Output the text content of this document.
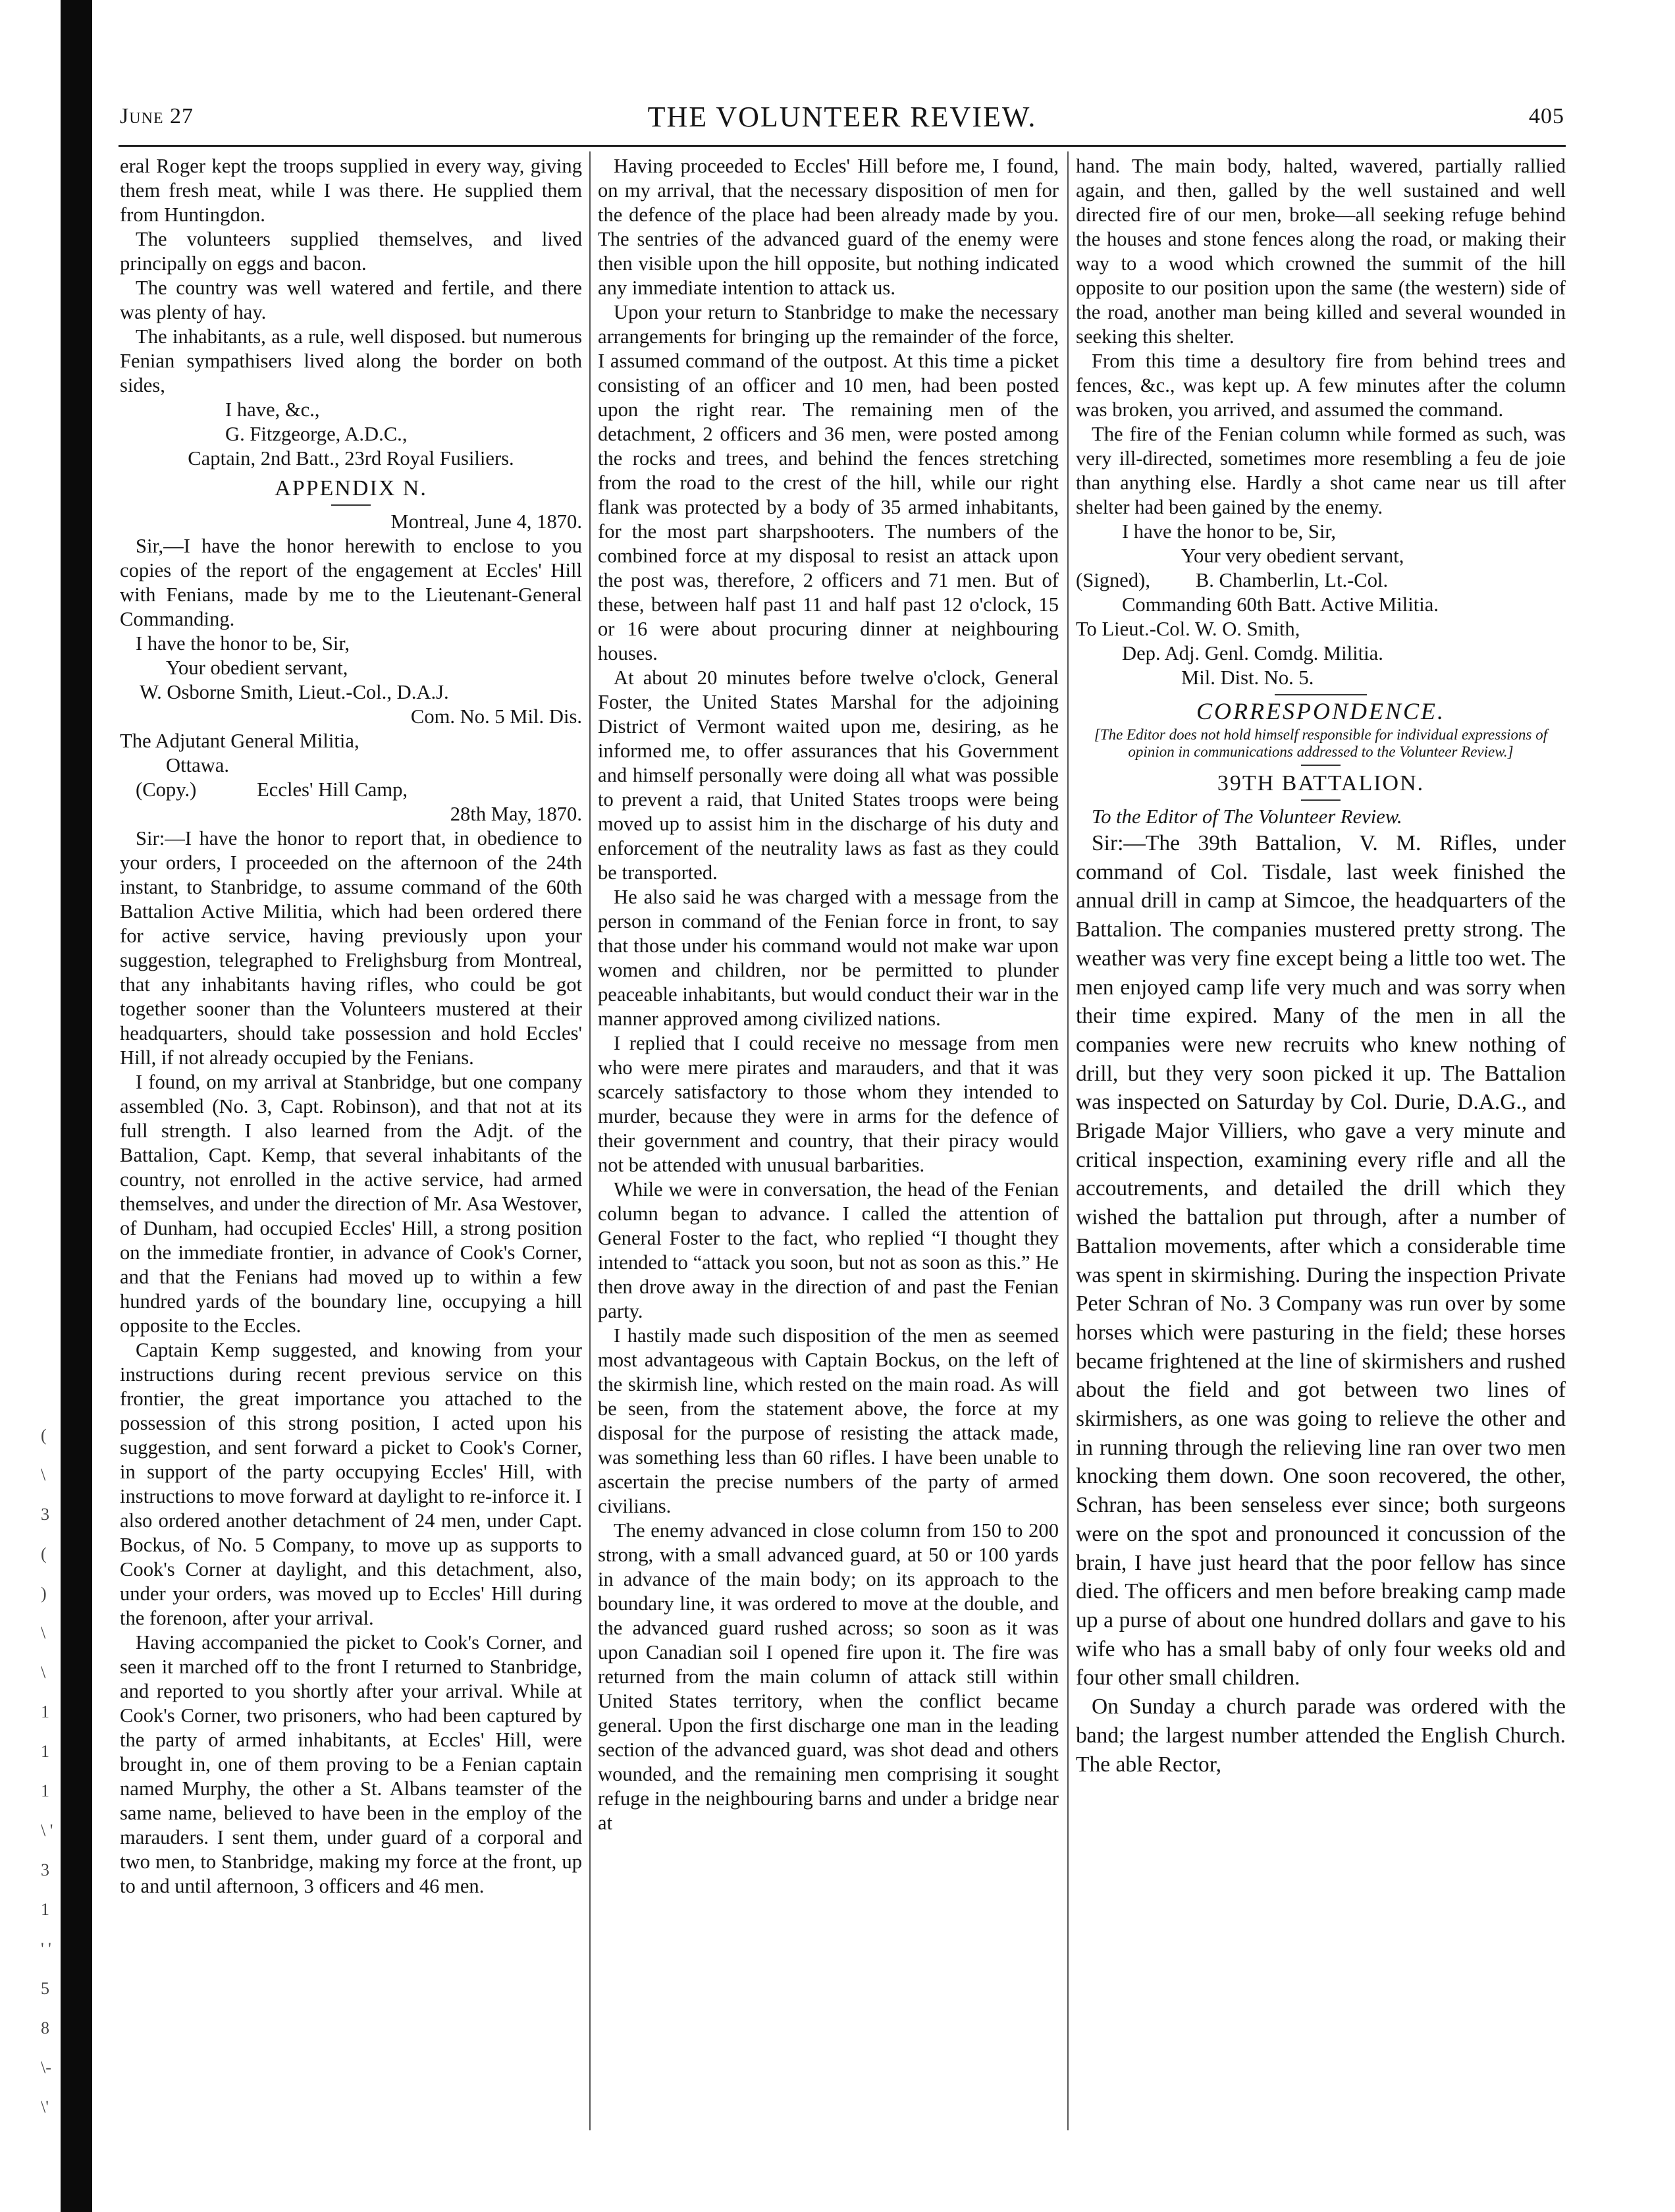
( \ 3 ( ) \ \ 1 1 1 \ ' 3 1 ' ' 5 8 \- \'
June 27	THE VOLUNTEER REVIEW.	405

eral Roger kept the troops supplied in every way, giving them fresh meat, while I was there. He supplied them from Huntingdon.

The volunteers supplied themselves, and lived principally on eggs and bacon.

The country was well watered and fertile, and there was plenty of hay.

The inhabitants, as a rule, well disposed. but numerous Fenian sympathisers lived along the border on both sides,

I have, &c.,

G. Fitzgeorge, A.D.C.,

Captain, 2nd Batt., 23rd Royal Fusiliers.

APPENDIX N.

Montreal, June 4, 1870.

Sir,—I have the honor herewith to enclose to you copies of the report of the engagement at Eccles' Hill with Fenians, made by me to the Lieutenant-General Commanding.

I have the honor to be, Sir,

Your obedient servant,

W. Osborne Smith, Lieut.-Col., D.A.J.

Com. No. 5 Mil. Dis.

The Adjutant General Militia,

Ottawa.

(Copy.)            Eccles' Hill Camp,

28th May, 1870.

Sir:—I have the honor to report that, in obedience to your orders, I proceeded on the afternoon of the 24th instant, to Stanbridge, to assume command of the 60th Battalion Active Militia, which had been ordered there for active service, having previously upon your suggestion, telegraphed to Frelighsburg from Montreal, that any inhabitants having rifles, who could be got together sooner than the Volunteers mustered at their headquarters, should take possession and hold Eccles' Hill, if not already occupied by the Fenians.

I found, on my arrival at Stanbridge, but one company assembled (No. 3, Capt. Robinson), and that not at its full strength. I also learned from the Adjt. of the Battalion, Capt. Kemp, that several inhabitants of the country, not enrolled in the active service, had armed themselves, and under the direction of Mr. Asa Westover, of Dunham, had occupied Eccles' Hill, a strong position on the immediate frontier, in advance of Cook's Corner, and that the Fenians had moved up to within a few hundred yards of the boundary line, occupying a hill opposite to the Eccles.

Captain Kemp suggested, and knowing from your instructions during recent previous service on this frontier, the great importance you attached to the possession of this strong position, I acted upon his suggestion, and sent forward a picket to Cook's Corner, in support of the party occupying Eccles' Hill, with instructions to move forward at daylight to re-inforce it. I also ordered another detachment of 24 men, under Capt. Bockus, of No. 5 Company, to move up as supports to Cook's Corner at daylight, and this detachment, also, under your orders, was moved up to Eccles' Hill during the forenoon, after your arrival.

Having accompanied the picket to Cook's Corner, and seen it marched off to the front I returned to Stanbridge, and reported to you shortly after your arrival. While at Cook's Corner, two prisoners, who had been captured by the party of armed inhabitants, at Eccles' Hill, were brought in, one of them proving to be a Fenian captain named Murphy, the other a St. Albans teamster of the same name, believed to have been in the employ of the marauders. I sent them, under guard of a corporal and two men, to Stanbridge, making my force at the front, up to and until afternoon, 3 officers and 46 men.

Having proceeded to Eccles' Hill before me, I found, on my arrival, that the necessary disposition of men for the defence of the place had been already made by you. The sentries of the advanced guard of the enemy were then visible upon the hill opposite, but nothing indicated any immediate intention to attack us.

Upon your return to Stanbridge to make the necessary arrangements for bringing up the remainder of the force, I assumed command of the outpost. At this time a picket consisting of an officer and 10 men, had been posted upon the right rear. The remaining men of the detachment, 2 officers and 36 men, were posted among the rocks and trees, and behind the fences stretching from the road to the crest of the hill, while our right flank was protected by a body of 35 armed inhabitants, for the most part sharpshooters. The numbers of the combined force at my disposal to resist an attack upon the post was, therefore, 2 officers and 71 men. But of these, between half past 11 and half past 12 o'clock, 15 or 16 were about procuring dinner at neighbouring houses.

At about 20 minutes before twelve o'clock, General Foster, the United States Marshal for the adjoining District of Vermont waited upon me, desiring, as he informed me, to offer assurances that his Government and himself personally were doing all what was possible to prevent a raid, that United States troops were being moved up to assist him in the discharge of his duty and enforcement of the neutrality laws as fast as they could be transported.

He also said he was charged with a message from the person in command of the Fenian force in front, to say that those under his command would not make war upon women and children, nor be permitted to plunder peaceable inhabitants, but would conduct their war in the manner approved among civilized nations.

I replied that I could receive no message from men who were mere pirates and marauders, and that it was scarcely satisfactory to those whom they intended to murder, because they were in arms for the defence of their government and country, that their piracy would not be attended with unusual barbarities.

While we were in conversation, the head of the Fenian column began to advance. I called the attention of General Foster to the fact, who replied “I thought they intended to “attack you soon, but not as soon as this.” He then drove away in the direction of and past the Fenian party.

I hastily made such disposition of the men as seemed most advantageous with Captain Bockus, on the left of the skirmish line, which rested on the main road. As will be seen, from the statement above, the force at my disposal for the purpose of resisting the attack made, was something less than 60 rifles. I have been unable to ascertain the precise numbers of the party of armed civilians.

The enemy advanced in close column from 150 to 200 strong, with a small advanced guard, at 50 or 100 yards in advance of the main body; on its approach to the boundary line, it was ordered to move at the double, and the advanced guard rushed across; so soon as it was upon Canadian soil I opened fire upon it. The fire was returned from the main column of attack still within United States territory, when the conflict became general. Upon the first discharge one man in the leading section of the advanced guard, was shot dead and others wounded, and the remaining men comprising it sought refuge in the neighbouring barns and under a bridge near at

hand. The main body, halted, wavered, partially rallied again, and then, galled by the well sustained and well directed fire of our men, broke—all seeking refuge behind the houses and stone fences along the road, or making their way to a wood which crowned the summit of the hill opposite to our position upon the same (the western) side of the road, another man being killed and several wounded in seeking this shelter.

From this time a desultory fire from behind trees and fences, &c., was kept up. A few minutes after the column was broken, you arrived, and assumed the command.

The fire of the Fenian column while formed as such, was very ill-directed, sometimes more resembling a feu de joie than anything else. Hardly a shot came near us till after shelter had been gained by the enemy.

I have the honor to be, Sir,

Your very obedient servant,

(Signed),         B. Chamberlin, Lt.-Col.

Commanding 60th Batt. Active Militia.

To Lieut.-Col. W. O. Smith,

Dep. Adj. Genl. Comdg. Militia.

Mil. Dist. No. 5.

CORRESPONDENCE.
[The Editor does not hold himself responsible for individual expressions of opinion in communications addressed to the Volunteer Review.]
39TH BATTALION.

To the Editor of The Volunteer Review.

Sir:—The 39th Battalion, V. M. Rifles, under command of Col. Tisdale, last week finished the annual drill in camp at Simcoe, the headquarters of the Battalion. The companies mustered pretty strong. The weather was very fine except being a little too wet. The men enjoyed camp life very much and was sorry when their time expired. Many of the men in all the companies were new recruits who knew nothing of drill, but they very soon picked it up. The Battalion was inspected on Saturday by Col. Durie, D.A.G., and Brigade Major Villiers, who gave a very minute and critical inspection, examining every rifle and all the accoutrements, and detailed the drill which they wished the battalion put through, after a number of Battalion movements, after which a considerable time was spent in skirmishing. During the inspection Private Peter Schran of No. 3 Company was run over by some horses which were pasturing in the field; these horses became frightened at the line of skirmishers and rushed about the field and got between two lines of skirmishers, as one was going to relieve the other and in running through the relieving line ran over two men knocking them down. One soon recovered, the other, Schran, has been senseless ever since; both surgeons were on the spot and pronounced it concussion of the brain, I have just heard that the poor fellow has since died. The officers and men before breaking camp made up a purse of about one hundred dollars and gave to his wife who has a small baby of only four weeks old and four other small children.

On Sunday a church parade was ordered with the band; the largest number attended the English Church. The able Rector,
